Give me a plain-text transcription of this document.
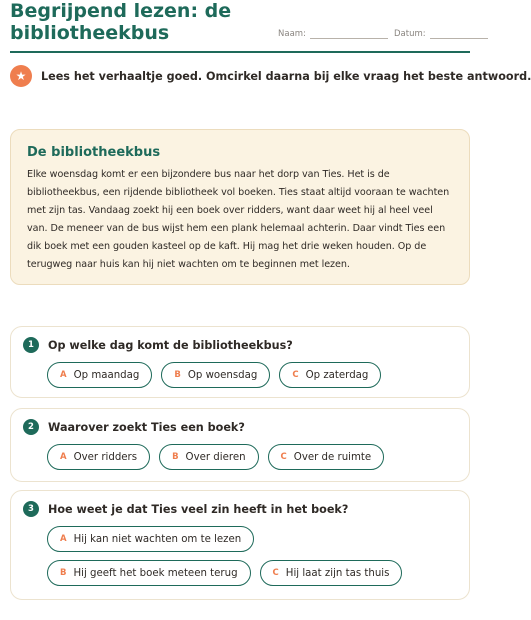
Begrijpend lezen: de bibliotheekbus	Naam:	Datum:
★	Lees het verhaaltje goed. Omcirkel daarna bij elke vraag het beste antwoord.
De bibliotheekbus
Elke woensdag komt er een bijzondere bus naar het dorp van Ties. Het is de bibliotheekbus, een rijdende bibliotheek vol boeken. Ties staat altijd vooraan te wachten met zijn tas. Vandaag zoekt hij een boek over ridders, want daar weet hij al heel veel van. De meneer van de bus wijst hem een plank helemaal achterin. Daar vindt Ties een dik boek met een gouden kasteel op de kaft. Hij mag het drie weken houden. Op de terugweg naar huis kan hij niet wachten om te beginnen met lezen.
1	Op welke dag komt de bibliotheekbus?
A Op maandag	B Op woensdag	C Op zaterdag
2	Waarover zoekt Ties een boek?
A Over ridders	B Over dieren	C Over de ruimte
3	Hoe weet je dat Ties veel zin heeft in het boek?
A Hij kan niet wachten om te lezen
B Hij geeft het boek meteen terug	C Hij laat zijn tas thuis
